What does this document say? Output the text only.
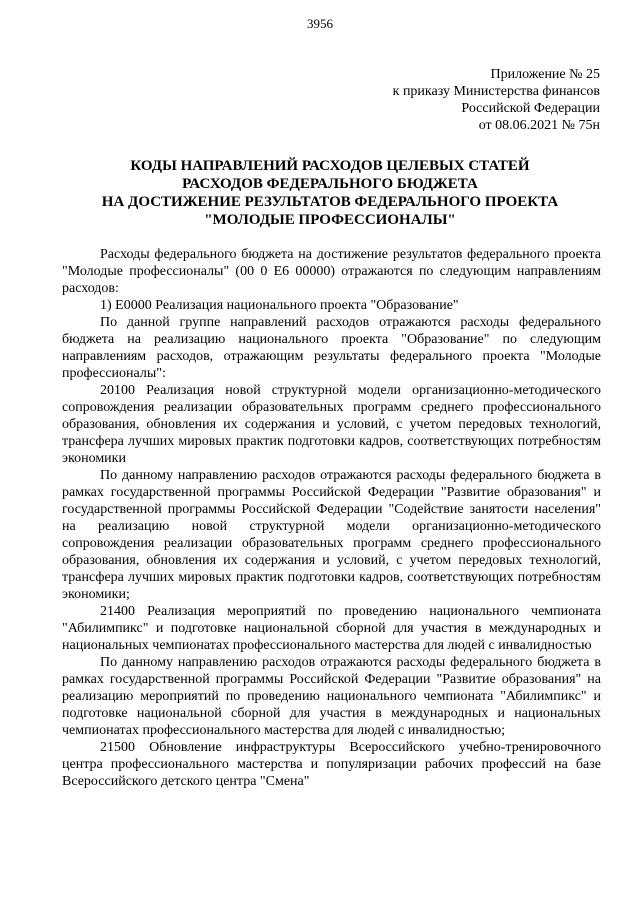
3956
Приложение № 25
к приказу Министерства финансов
Российской Федерации
от 08.06.2021 № 75н
КОДЫ НАПРАВЛЕНИЙ РАСХОДОВ ЦЕЛЕВЫХ СТАТЕЙ
РАСХОДОВ ФЕДЕРАЛЬНОГО БЮДЖЕТА
НА ДОСТИЖЕНИЕ РЕЗУЛЬТАТОВ ФЕДЕРАЛЬНОГО ПРОЕКТА
"МОЛОДЫЕ ПРОФЕССИОНАЛЫ"

Расходы федерального бюджета на достижение результатов федерального проекта "Молодые профессионалы" (00 0 E6 00000) отражаются по следующим направлениям расходов:

1) E0000 Реализация национального проекта "Образование"

По данной группе направлений расходов отражаются расходы федерального бюджета на реализацию национального проекта "Образование" по следующим направлениям расходов, отражающим результаты федерального проекта "Молодые профессионалы":

20100 Реализация новой структурной модели организационно-методического сопровождения реализации образовательных программ среднего профессионального образования, обновления их содержания и условий, с учетом передовых технологий, трансфера лучших мировых практик подготовки кадров, соответствующих потребностям экономики

По данному направлению расходов отражаются расходы федерального бюджета в рамках государственной программы Российской Федерации "Развитие образования" и государственной программы Российской Федерации "Содействие занятости населения" на реализацию новой структурной модели организационно-методического сопровождения реализации образовательных программ среднего профессионального образования, обновления их содержания и условий, с учетом передовых технологий, трансфера лучших мировых практик подготовки кадров, соответствующих потребностям экономики;

21400 Реализация мероприятий по проведению национального чемпионата "Абилимпикс" и подготовке национальной сборной для участия в международных и национальных чемпионатах профессионального мастерства для людей с инвалидностью

По данному направлению расходов отражаются расходы федерального бюджета в рамках государственной программы Российской Федерации "Развитие образования" на реализацию мероприятий по проведению национального чемпионата "Абилимпикс" и подготовке национальной сборной для участия в международных и национальных чемпионатах профессионального мастерства для людей с инвалидностью;

21500 Обновление инфраструктуры Всероссийского учебно-тренировочного центра профессионального мастерства и популяризации рабочих профессий на базе Всероссийского детского центра "Смена"
